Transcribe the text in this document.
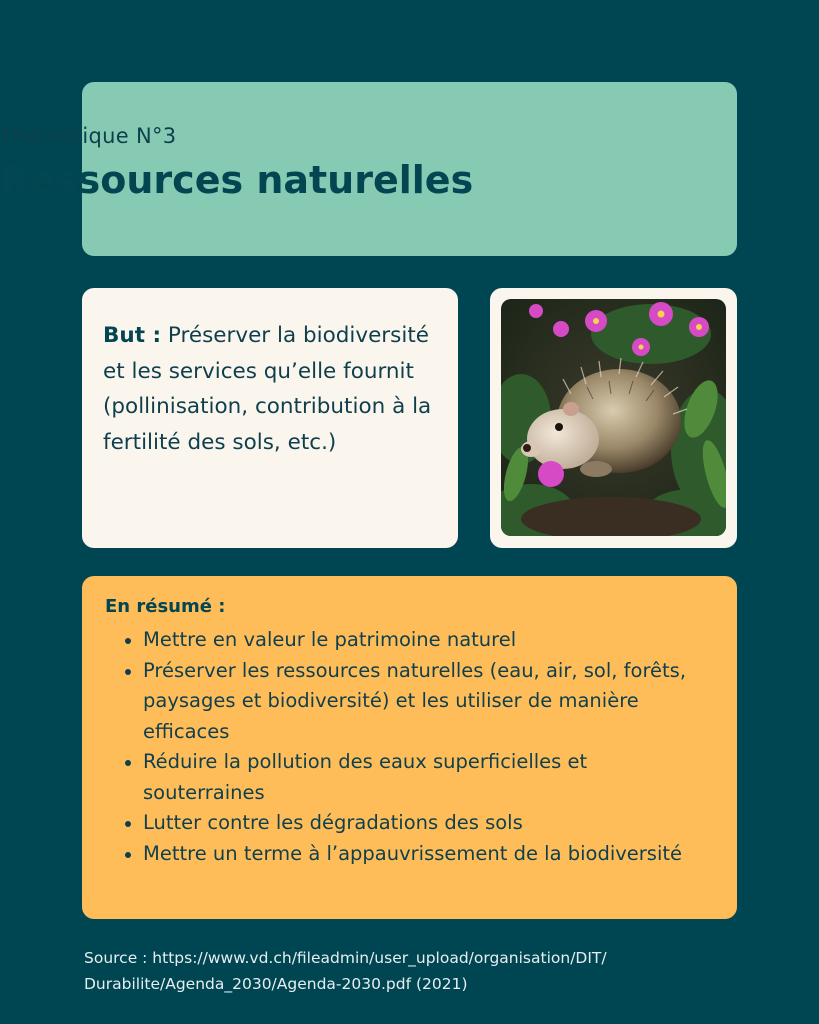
Thématique N°3
Ressources naturelles
But : Préserver la biodiversité et les services qu’elle fournit (pollinisation, contribution à la fertilité des sols, etc.)
En résumé :
Mettre en valeur le patrimoine naturel
Préserver les ressources naturelles (eau, air, sol, forêts, paysages et biodiversité) et les utiliser de manière efficaces
Réduire la pollution des eaux superficielles et souterraines
Lutter contre les dégradations des sols
Mettre un terme à l’appauvrissement de la biodiversité
Source : https://www.vd.ch/fileadmin/user_upload/organisation/DIT/
Durabilite/Agenda_2030/Agenda-2030.pdf (2021)
